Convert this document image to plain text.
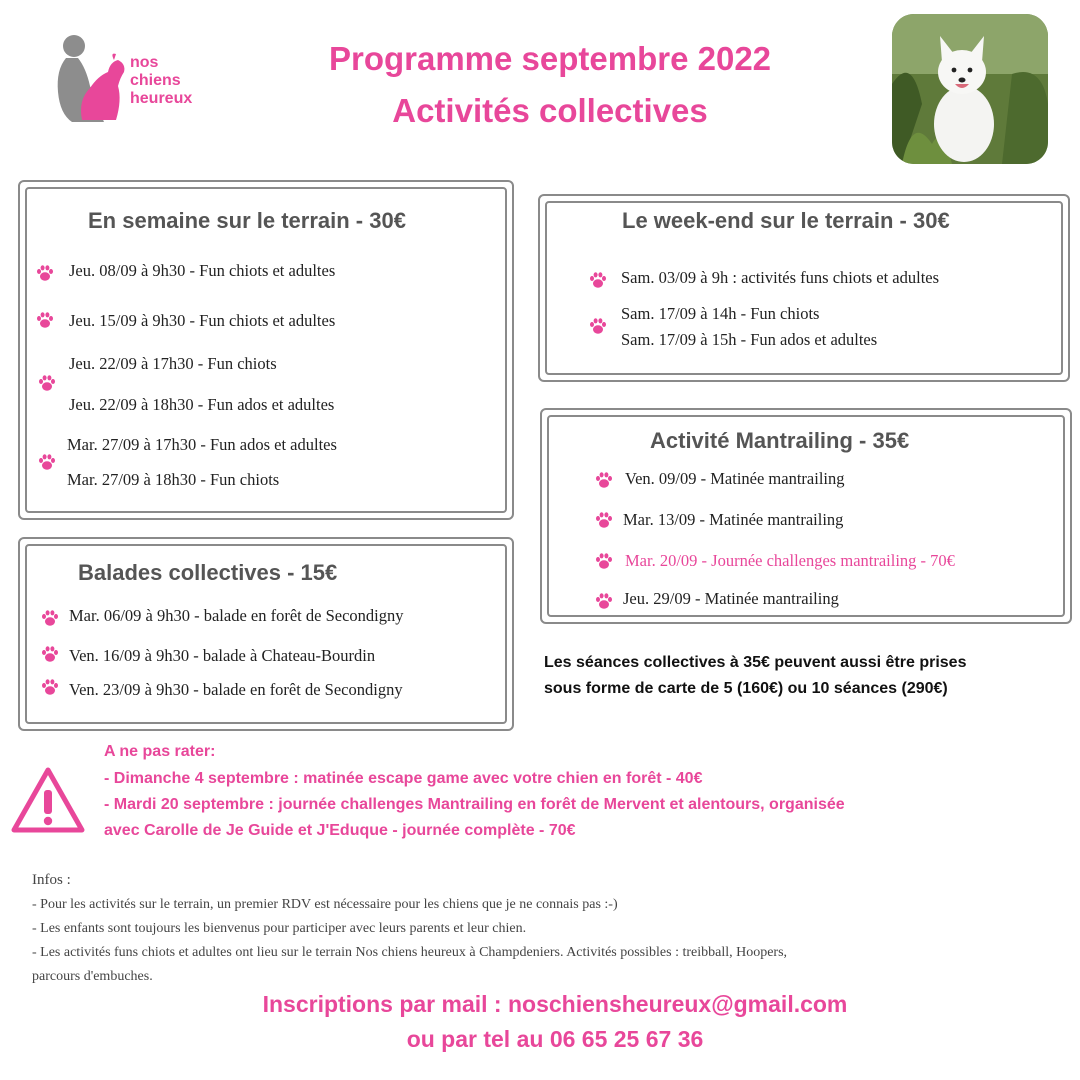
nos
chiens
heureux
Programme septembre 2022
Activités collectives
En semaine sur le terrain - 30€
Jeu. 08/09 à 9h30 - Fun chiots et adultes
Jeu. 15/09 à 9h30 - Fun chiots et adultes
Jeu. 22/09 à 17h30 - Fun chiots
Jeu. 22/09 à 18h30 - Fun ados et adultes
Mar. 27/09 à 17h30 - Fun ados et adultes
Mar. 27/09 à 18h30 - Fun chiots
Le week-end sur le terrain - 30€
Sam. 03/09 à 9h : activités funs chiots et adultes
Sam. 17/09 à 14h - Fun chiots
Sam. 17/09 à 15h - Fun ados et adultes
Activité Mantrailing - 35€
Ven. 09/09 - Matinée mantrailing
Mar. 13/09 - Matinée mantrailing
Mar. 20/09 - Journée challenges mantrailing - 70€
Jeu. 29/09 - Matinée mantrailing
Balades collectives - 15€
Mar. 06/09 à 9h30 - balade en forêt de Secondigny
Ven. 16/09 à 9h30 - balade à Chateau-Bourdin
Ven. 23/09 à 9h30 - balade en forêt de Secondigny
Les séances collectives à 35€ peuvent aussi être prises
sous forme de carte de 5 (160€) ou 10 séances (290€)
A ne pas rater:
- Dimanche 4 septembre : matinée escape game avec votre chien en forêt - 40€
- Mardi 20 septembre : journée challenges Mantrailing en forêt de Mervent et alentours, organisée
avec Carolle de Je Guide et J'Eduque - journée complète - 70€
Infos :
- Pour les activités sur le terrain, un premier RDV est nécessaire pour les chiens que je ne connais pas :-)
- Les enfants sont toujours les bienvenus pour participer avec leurs parents et leur chien.
- Les activités funs chiots et adultes ont lieu sur le terrain Nos chiens heureux à Champdeniers. Activités possibles : treibball, Hoopers,
parcours d'embuches.
Inscriptions par mail : noschiensheureux@gmail.com
ou par tel au 06 65 25 67 36
